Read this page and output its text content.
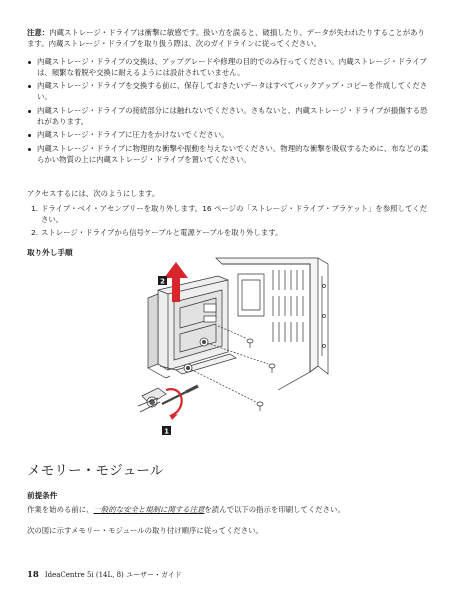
注意：内蔵ストレージ・ドライブは衝撃に敏感です。扱い方を誤ると、破損したり、データが失われたりすることがあります。内蔵ストレージ・ドライブを取り扱う際は、次のガイドラインに従ってください。
内蔵ストレージ・ドライブの交換は、アップグレードや修理の目的でのみ行ってください。内蔵ストレージ・ドライブは、頻繁な着脱や交換に耐えるようには設計されていません。
内蔵ストレージ・ドライブを交換する前に、保存しておきたいデータはすべてバックアップ・コピーを作成してください。
内蔵ストレージ・ドライブの接続部分には触れないでください。さもないと、内蔵ストレージ・ドライブが損傷する恐れがあります。
内蔵ストレージ・ドライブに圧力をかけないでください。
内蔵ストレージ・ドライブに物理的な衝撃や振動を与えないでください。物理的な衝撃を吸収するために、布などの柔らかい物質の上に内蔵ストレージ・ドライブを置いてください。
アクセスするには、次のようにします。
1. ドライブ・ベイ・アセンブリーを取り外します。16 ページの「ストレージ・ドライブ・ブラケット」を参照してください。
2. ストレージ・ドライブから信号ケーブルと電源ケーブルを取り外します。
取り外し手順
2
1
メモリー・モジュール
前提条件
作業を始める前に、一般的な安全と規制に関する注意を読んで以下の指示を印刷してください。
次の図に示すメモリー・モジュールの取り付け順序に従ってください。
18 IdeaCentre 5i (14L, 8) ユーザー・ガイド
